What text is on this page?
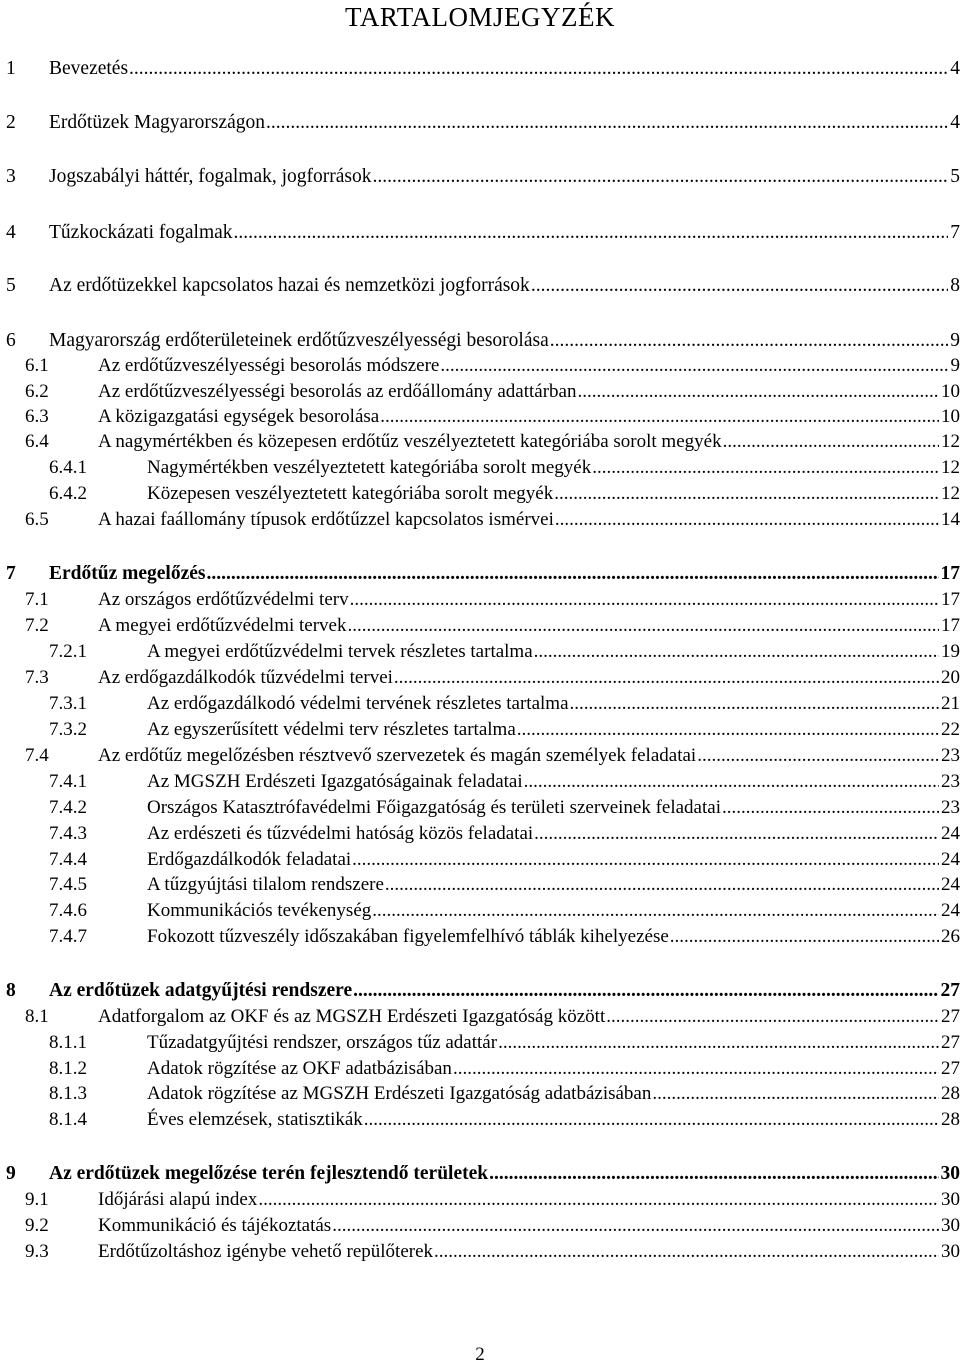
TARTALOMJEGYZÉK
1 Bevezetés .....	4
2 Erdőtüzek Magyarországon .....	4
3 Jogszabályi háttér, fogalmak, jogforrások .....	5
4 Tűzkockázati fogalmak .....	7
5 Az erdőtüzekkel kapcsolatos hazai és nemzetközi jogforrások .....	8
6 Magyarország erdőterületeinek erdőtűzveszélyességi besorolása .....	9
6.1	Az erdőtűzveszélyességi besorolás módszere .....	9
6.2	Az erdőtűzveszélyességi besorolás az erdőállomány adattárban .....	10
6.3	A közigazgatási egységek besorolása .....	10
6.4	A nagymértékben és közepesen erdőtűz veszélyeztetett kategóriába sorolt megyék .....	12
6.4.1	Nagymértékben veszélyeztetett kategóriába sorolt megyék .....	12
6.4.2	Közepesen veszélyeztetett kategóriába sorolt megyék .....	12
6.5	A hazai faállomány típusok erdőtűzzel kapcsolatos ismérvei .....	14
7 Erdőtűz megelőzés .....	17
7.1	Az országos erdőtűzvédelmi terv .....	17
7.2	A megyei erdőtűzvédelmi tervek .....	17
7.2.1	A megyei erdőtűzvédelmi tervek részletes tartalma .....	19
7.3	Az erdőgazdálkodók tűzvédelmi tervei .....	20
7.3.1	Az erdőgazdálkodó védelmi tervének részletes tartalma .....	21
7.3.2	Az egyszerűsített védelmi terv részletes tartalma .....	22
7.4	Az erdőtűz megelőzésben résztvevő szervezetek és magán személyek feladatai .....	23
7.4.1	Az MGSZH Erdészeti Igazgatóságainak feladatai .....	23
7.4.2	Országos Katasztrófavédelmi Főigazgatóság és területi szerveinek feladatai .....	23
7.4.3	Az erdészeti és tűzvédelmi hatóság közös feladatai .....	24
7.4.4	Erdőgazdálkodók feladatai .....	24
7.4.5	A tűzgyújtási tilalom rendszere .....	24
7.4.6	Kommunikációs tevékenység .....	24
7.4.7	Fokozott tűzveszély időszakában figyelemfelhívó táblák kihelyezése .....	26
8 Az erdőtüzek adatgyűjtési rendszere .....	27
8.1	Adatforgalom az OKF és az MGSZH Erdészeti Igazgatóság között .....	27
8.1.1	Tűzadatgyűjtési rendszer, országos tűz adattár .....	27
8.1.2	Adatok rögzítése az OKF adatbázisában .....	27
8.1.3	Adatok rögzítése az MGSZH Erdészeti Igazgatóság adatbázisában .....	28
8.1.4	Éves elemzések, statisztikák .....	28
9 Az erdőtüzek megelőzése terén fejlesztendő területek .....	30
9.1	Időjárási alapú index .....	30
9.2	Kommunikáció és tájékoztatás .....	30
9.3	Erdőtűzoltáshoz igénybe vehető repülőterek .....	30
2
